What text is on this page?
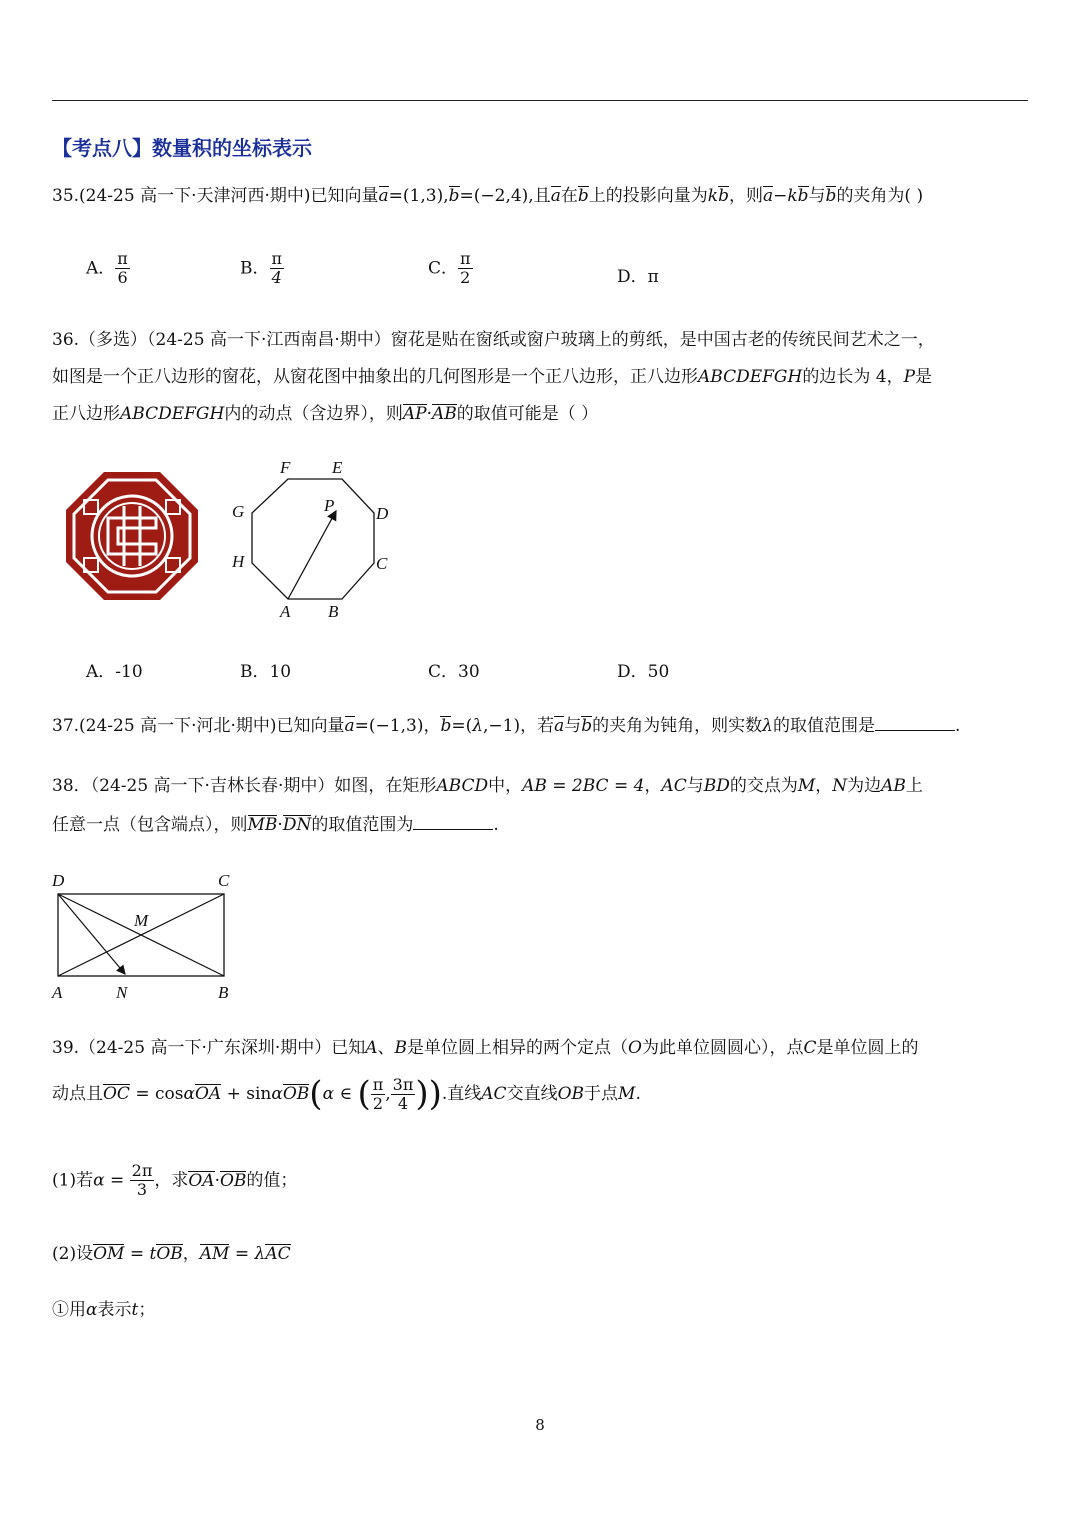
【考点八】数量积的坐标表示
35.(24-25 高一下·天津河西·期中)已知向量a=(1,3),b=(−2,4),且a在b上的投影向量为kb，则a−kb与b的夹角为( )
A． $\frac{\pi}{6}$	B． $\frac{\pi}{4}$	C． $\frac{\pi}{2}$	D．π
36.（多选）（24-25 高一下·江西南昌·期中）窗花是贴在窗纸或窗户玻璃上的剪纸，是中国古老的传统民间艺术之一，
如图是一个正八边形的窗花，从窗花图中抽象出的几何图形是一个正八边形，正八边形ABCDEFGH的边长为 4，P是
正八边形ABCDEFGH内的动点（含边界），则AP·AB的取值可能是（ ）
F E
D
C
G
H
A B
P
A．-10	B．10	C．30	D．50
37.(24-25 高一下·河北·期中)已知向量a=(−1,3)，b=(λ,−1)，若a与b的夹角为钝角，则实数λ的取值范围是	.
38．（24-25 高一下·吉林长春·期中）如图，在矩形ABCD中，AB = 2BC = 4，AC与BD的交点为M，N为边AB上
任意一点（包含端点），则MB·DN的取值范围为	.
D	C
M
A	N	B
39.（24-25 高一下·广东深圳·期中）已知A、B是单位圆上相异的两个定点（O为此单位圆圆心），点C是单位圆上的
动点且OC = cosαOA + sinαOB(α ∈ ( $\frac{\pi}{2}$ , $\frac{3\pi}{4}$ )).直线AC交直线OB于点M.
(1)若$\alpha = \frac{2\pi}{3}$ ，求OA·OB的值；
(2)设OM = tOB，AM = λAC
①用α表示t；
8
